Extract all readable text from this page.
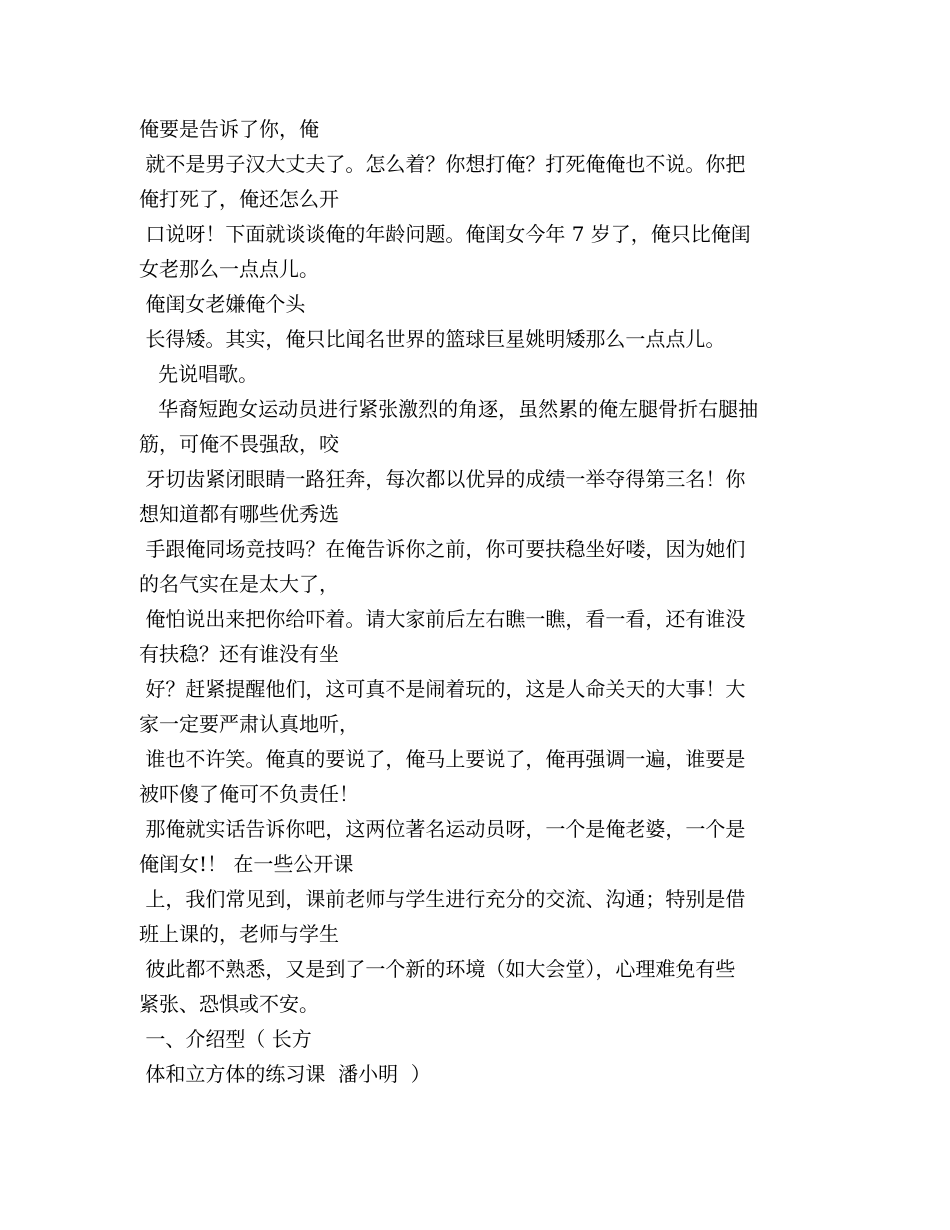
俺要是告诉了你，俺
就不是男子汉大丈夫了。怎么着？你想打俺？打死俺俺也不说。你把
俺打死了，俺还怎么开
口说呀！下面就谈谈俺的年龄问题。俺闺女今年 7 岁了，俺只比俺闺
女老那么一点点儿。
俺闺女老嫌俺个头
长得矮。其实，俺只比闻名世界的篮球巨星姚明矮那么一点点儿。
先说唱歌。
华裔短跑女运动员进行紧张激烈的角逐，虽然累的俺左腿骨折右腿抽
筋，可俺不畏强敌，咬
牙切齿紧闭眼睛一路狂奔，每次都以优异的成绩一举夺得第三名！你
想知道都有哪些优秀选
手跟俺同场竞技吗？在俺告诉你之前，你可要扶稳坐好喽，因为她们
的名气实在是太大了，
俺怕说出来把你给吓着。请大家前后左右瞧一瞧，看一看，还有谁没
有扶稳？还有谁没有坐
好？赶紧提醒他们，这可真不是闹着玩的，这是人命关天的大事！大
家一定要严肃认真地听，
谁也不许笑。俺真的要说了，俺马上要说了，俺再强调一遍，谁要是
被吓傻了俺可不负责任！
那俺就实话告诉你吧，这两位著名运动员呀，一个是俺老婆，一个是
俺闺女!！ 在一些公开课
上，我们常见到，课前老师与学生进行充分的交流、沟通；特别是借
班上课的，老师与学生
彼此都不熟悉，又是到了一个新的环境（如大会堂），心理难免有些
紧张、恐惧或不安。
一、介绍型（ 长方
体和立方体的练习课  潘小明  ）
